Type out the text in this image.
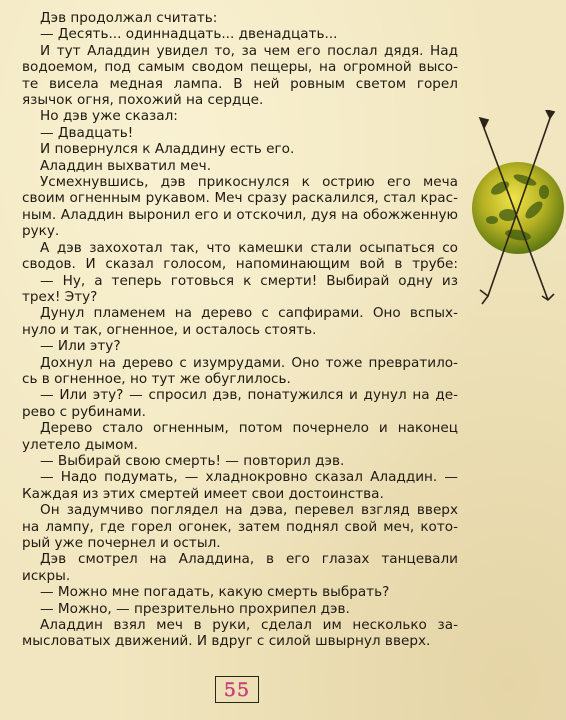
Дэв продолжал считать:
— Десять... одиннадцать... двенадцать...
И тут Аладдин увидел то, за чем его послал дядя. Над
водоемом, под самым сводом пещеры, на огромной высо-
те висела медная лампа. В ней ровным светом горел
язычок огня, похожий на сердце.
Но дэв уже сказал:
— Двадцать!
И повернулся к Аладдину есть его.
Аладдин выхватил меч.
Усмехнувшись, дэв прикоснулся к острию его меча
своим огненным рукавом. Меч сразу раскалился, стал крас-
ным. Аладдин выронил его и отскочил, дуя на обожженную
руку.
А дэв захохотал так, что камешки стали осыпаться со
сводов. И сказал голосом, напоминающим вой в трубе:
— Ну, а теперь готовься к смерти! Выбирай одну из
трех! Эту?
Дунул пламенем на дерево с сапфирами. Оно вспых-
нуло и так, огненное, и осталось стоять.
— Или эту?
Дохнул на дерево с изумрудами. Оно тоже превратило-
сь в огненное, но тут же обуглилось.
— Или эту? — спросил дэв, понатужился и дунул на де-
рево с рубинами.
Дерево стало огненным, потом почернело и наконец
улетело дымом.
— Выбирай свою смерть! — повторил дэв.
— Надо подумать, — хладнокровно сказал Аладдин. —
Каждая из этих смертей имеет свои достоинства.
Он задумчиво поглядел на дэва, перевел взгляд вверх
на лампу, где горел огонек, затем поднял свой меч, кото-
рый уже почернел и остыл.
Дэв смотрел на Аладдина, в его глазах танцевали
искры.
— Можно мне погадать, какую смерть выбрать?
— Можно, — презрительно прохрипел дэв.
Аладдин взял меч в руки, сделал им несколько за-
мысловатых движений. И вдруг с силой швырнул вверх.
55
